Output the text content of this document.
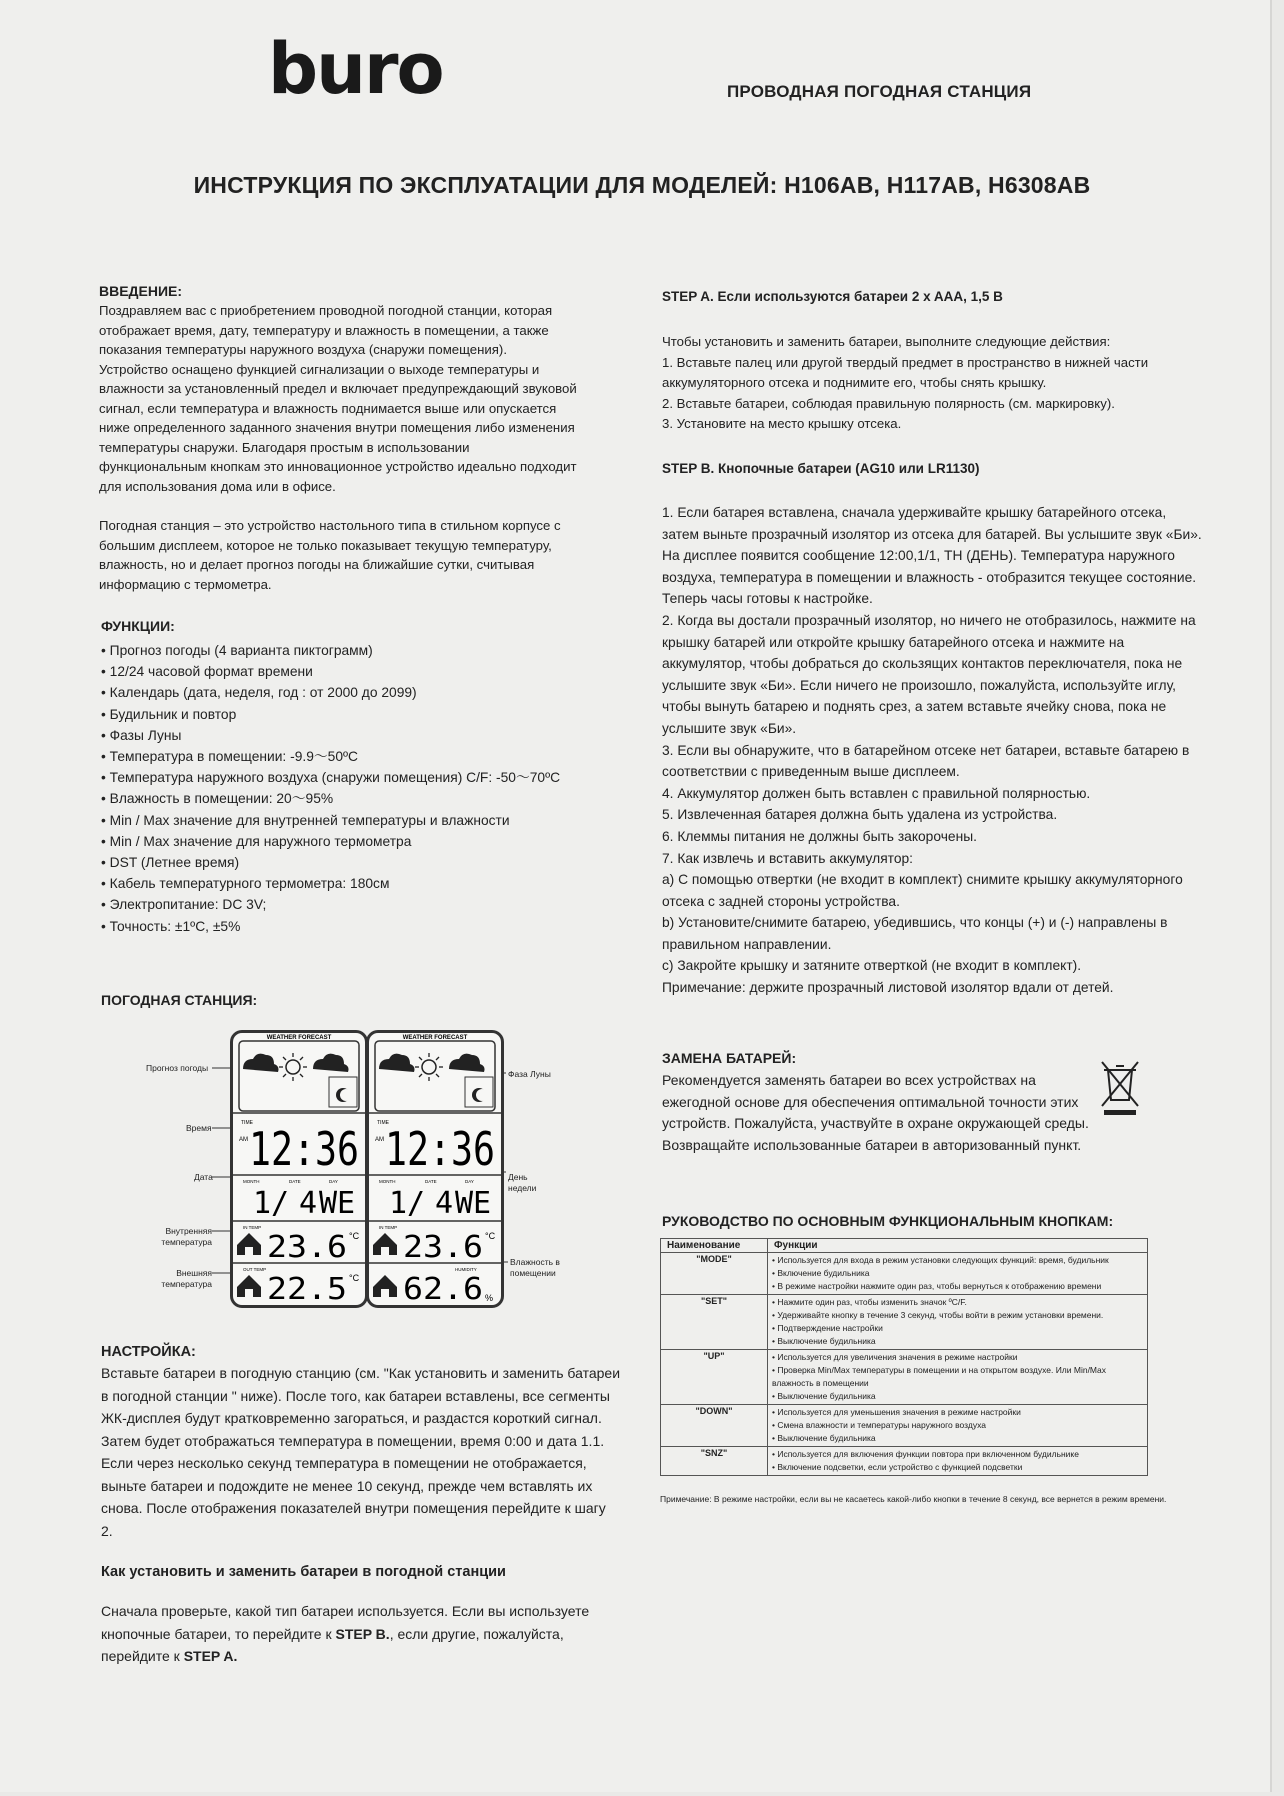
buro	ПРОВОДНАЯ ПОГОДНАЯ СТАНЦИЯ
ИНСТРУКЦИЯ ПО ЭКСПЛУАТАЦИИ ДЛЯ МОДЕЛЕЙ: H106AB, H117AB, H6308AB

ВВЕДЕНИЕ:

Поздравляем вас с приобретением проводной погодной станции, которая отображает время, дату, температуру и влажность в помещении, а также показания температуры наружного воздуха (снаружи помещения). Устройство оснащено функцией сигнализации о выходе температуры и влажности за установленный предел и включает предупреждающий звуковой сигнал, если температура и влажность поднимается выше или опускается ниже определенного заданного значения внутри помещения либо изменения температуры снаружи. Благодаря простым в использовании функциональным кнопкам это инновационное устройство идеально подходит для использования дома или в офисе.

Погодная станция – это устройство настольного типа в стильном корпусе с большим дисплеем, которое не только показывает текущую температуру, влажность, но и делает прогноз погоды на ближайшие сутки, считывая информацию с термометра.

ФУНКЦИИ:

• Прогноз погоды (4 варианта пиктограмм)
• 12/24 часовой формат времени
• Календарь (дата, неделя, год : от 2000 до 2099)
• Будильник и повтор
• Фазы Луны
• Температура в помещении: -9.9〜50ºC
• Температура наружного воздуха (снаружи помещения) C/F: -50〜70ºC
• Влажность в помещении: 20〜95%
• Min / Max значение для внутренней температуры и влажности
• Min / Max значение для наружного термометра
• DST (Летнее время)
• Кабель температурного термометра: 180см
• Электропитание: DC 3V;
• Точность: ±1ºC, ±5%

ПОГОДНАЯ СТАНЦИЯ:

Прогноз погоды
Время
Дата
Внутренняя температура
Внешняя температура
Фаза Луны
День недели
Влажность в помещении
WEATHER FORECAST
TIME
AM 12:36
MONTH	DATE	DAY
1/ 4 WE
IN TEMP
23.6 °C
OUT TEMP
22.5 °C
WEATHER FORECAST
TIME
AM 12:36
MONTH	DATE	DAY
1/ 4 WE
IN TEMP
23.6 °C
HUMIDITY
62.6 %

НАСТРОЙКА:

Вставьте батареи в погодную станцию (см. "Как установить и заменить батареи в погодной станции " ниже). После того, как батареи вставлены, все сегменты ЖК-дисплея будут кратковременно загораться, и раздастся короткий сигнал. Затем будет отображаться температура в помещении, время 0:00 и дата 1.1. Если через несколько секунд температура в помещении не отображается, выньте батареи и подождите не менее 10 секунд, прежде чем вставлять их снова. После отображения показателей внутри помещения перейдите к шагу 2.

Как установить и заменить батареи в погодной станции

Сначала проверьте, какой тип батареи используется. Если вы используете кнопочные батареи, то перейдите к STEP B., если другие, пожалуйста, перейдите к STEP A.

STEP A. Если используются батареи 2 x AAA, 1,5 В

Чтобы установить и заменить батареи, выполните следующие действия:
1. Вставьте палец или другой твердый предмет в пространство в нижней части аккумуляторного отсека и поднимите его, чтобы снять крышку.
2. Вставьте батареи, соблюдая правильную полярность (см. маркировку).
3. Установите на место крышку отсека.

STEP B. Кнопочные батареи (AG10 или LR1130)

1. Если батарея вставлена, сначала удерживайте крышку батарейного отсека, затем выньте прозрачный изолятор из отсека для батарей. Вы услышите звук «Би». На дисплее появится сообщение 12:00,1/1, TH (ДЕНЬ). Температура наружного воздуха, температура в помещении и влажность - отобразится текущее состояние. Теперь часы готовы к настройке.
2. Когда вы достали прозрачный изолятор, но ничего не отобразилось, нажмите на крышку батарей или откройте крышку батарейного отсека и нажмите на аккумулятор, чтобы добраться до скользящих контактов переключателя, пока не услышите звук «Би». Если ничего не произошло, пожалуйста, используйте иглу, чтобы вынуть батарею и поднять срез, а затем вставьте ячейку снова, пока не услышите звук «Би».
3. Если вы обнаружите, что в батарейном отсеке нет батареи, вставьте батарею в соответствии с приведенным выше дисплеем.
4. Аккумулятор должен быть вставлен с правильной полярностью.
5. Извлеченная батарея должна быть удалена из устройства.
6. Клеммы питания не должны быть закорочены.
7. Как извлечь и вставить аккумулятор:
a) С помощью отвертки (не входит в комплект) снимите крышку аккумуляторного отсека с задней стороны устройства.
b) Установите/снимите батарею, убедившись, что концы (+) и (-) направлены в правильном направлении.
c) Закройте крышку и затяните отверткой (не входит в комплект).
Примечание: держите прозрачный листовой изолятор вдали от детей.

ЗАМЕНА БАТАРЕЙ:

Рекомендуется заменять батареи во всех устройствах на ежегодной основе для обеспечения оптимальной точности этих устройств. Пожалуйста, участвуйте в охране окружающей среды. Возвращайте использованные батареи в авторизованный пункт.

РУКОВОДСТВО ПО ОСНОВНЫМ ФУНКЦИОНАЛЬНЫМ КНОПКАМ:

Наименование	Функции
"MODE"	• Используется для входа в режим установки следующих функций: время, будильник
• Включение будильника
• В режиме настройки нажмите один раз, чтобы вернуться к отображению времени

"SET"	• Нажмите один раз, чтобы изменить значок ºC/F.
• Удерживайте кнопку в течение 3 секунд, чтобы войти в режим установки времени.
• Подтверждение настройки
• Выключение будильника

"UP"	• Используется для увеличения значения в режиме настройки
• Проверка Min/Max температуры в помещении и на открытом воздухе. Или Min/Max влажность в помещении
• Выключение будильника

"DOWN"	• Используется для уменьшения значения в режиме настройки
• Смена влажности и температуры наружного воздуха
• Выключение будильника

"SNZ"	• Используется для включения функции повтора при включенном будильнике
• Включение подсветки, если устройство с функцией подсветки
Примечание: В режиме настройки, если вы не касаетесь какой-либо кнопки в течение 8 секунд, все вернется в режим времени.
